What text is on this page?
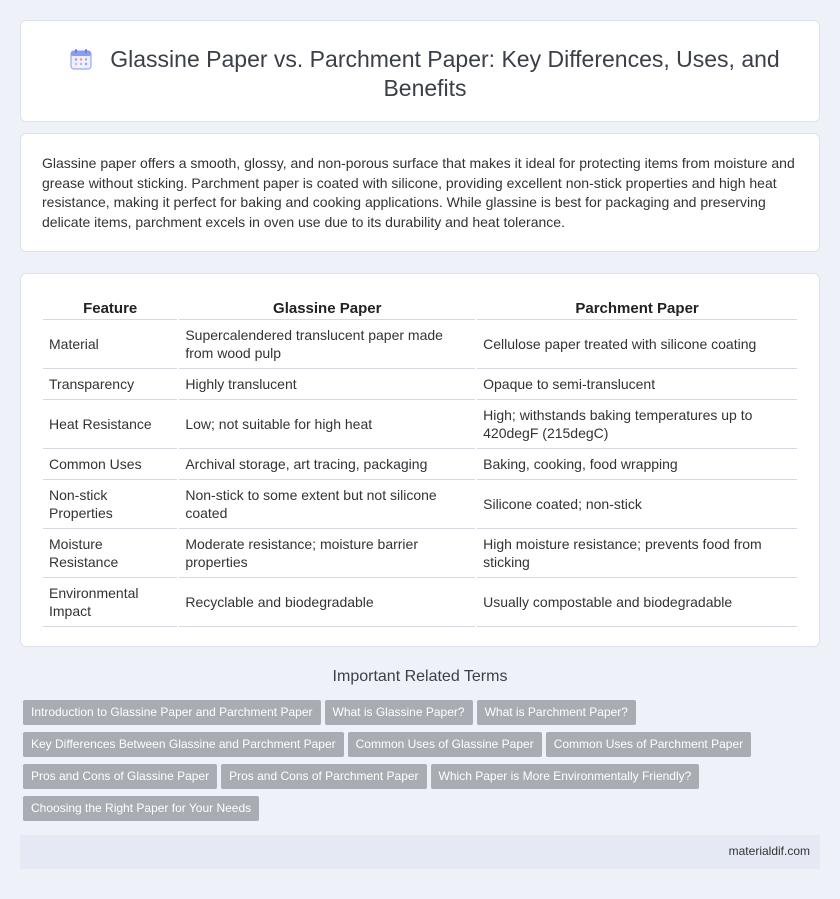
Glassine Paper vs. Parchment Paper: Key Differences, Uses, and Benefits

Glassine paper offers a smooth, glossy, and non-porous surface that makes it ideal for protecting items from moisture and grease without sticking. Parchment paper is coated with silicone, providing excellent non-stick properties and high heat resistance, making it perfect for baking and cooking applications. While glassine is best for packaging and preserving delicate items, parchment excels in oven use due to its durability and heat tolerance.

Feature	Glassine Paper	Parchment Paper
Material	Supercalendered translucent paper made from wood pulp	Cellulose paper treated with silicone coating
Transparency	Highly translucent	Opaque to semi-translucent
Heat Resistance	Low; not suitable for high heat	High; withstands baking temperatures up to 420degF (215degC)
Common Uses	Archival storage, art tracing, packaging	Baking, cooking, food wrapping
Non-stick Properties	Non-stick to some extent but not silicone coated	Silicone coated; non-stick
Moisture Resistance	Moderate resistance; moisture barrier properties	High moisture resistance; prevents food from sticking
Environmental Impact	Recyclable and biodegradable	Usually compostable and biodegradable
Important Related Terms
Introduction to Glassine Paper and Parchment Paper What is Glassine Paper? What is Parchment Paper?
Key Differences Between Glassine and Parchment Paper Common Uses of Glassine Paper Common Uses of Parchment Paper
Pros and Cons of Glassine Paper Pros and Cons of Parchment Paper Which Paper is More Environmentally Friendly?
Choosing the Right Paper for Your Needs
materialdif.com
